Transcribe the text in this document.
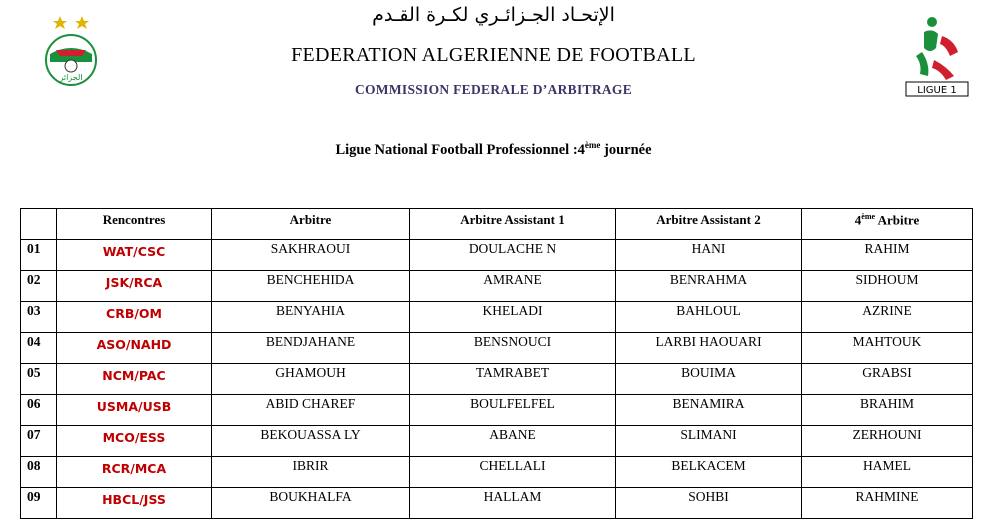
الجزائر
الإتحـاد الجـزائـري لكـرة القـدم
FEDERATION ALGERIENNE DE FOOTBALL
COMMISSION FEDERALE D’ARBITRAGE	LIGUE 1
Ligue National Football Professionnel :4ème journée
	Rencontres	Arbitre	Arbitre Assistant 1	Arbitre Assistant 2	4ème Arbitre
01	WAT/CSC	SAKHRAOUI	DOULACHE N	HANI	RAHIM
02	JSK/RCA	BENCHEHIDA	AMRANE	BENRAHMA	SIDHOUM
03	CRB/OM	BENYAHIA	KHELADI	BAHLOUL	AZRINE
04	ASO/NAHD	BENDJAHANE	BENSNOUCI	LARBI HAOUARI	MAHTOUK
05	NCM/PAC	GHAMOUH	TAMRABET	BOUIMA	GRABSI
06	USMA/USB	ABID CHAREF	BOULFELFEL	BENAMIRA	BRAHIM
07	MCO/ESS	BEKOUASSA LY	ABANE	SLIMANI	ZERHOUNI
08	RCR/MCA	IBRIR	CHELLALI	BELKACEM	HAMEL
09	HBCL/JSS	BOUKHALFA	HALLAM	SOHBI	RAHMINE
